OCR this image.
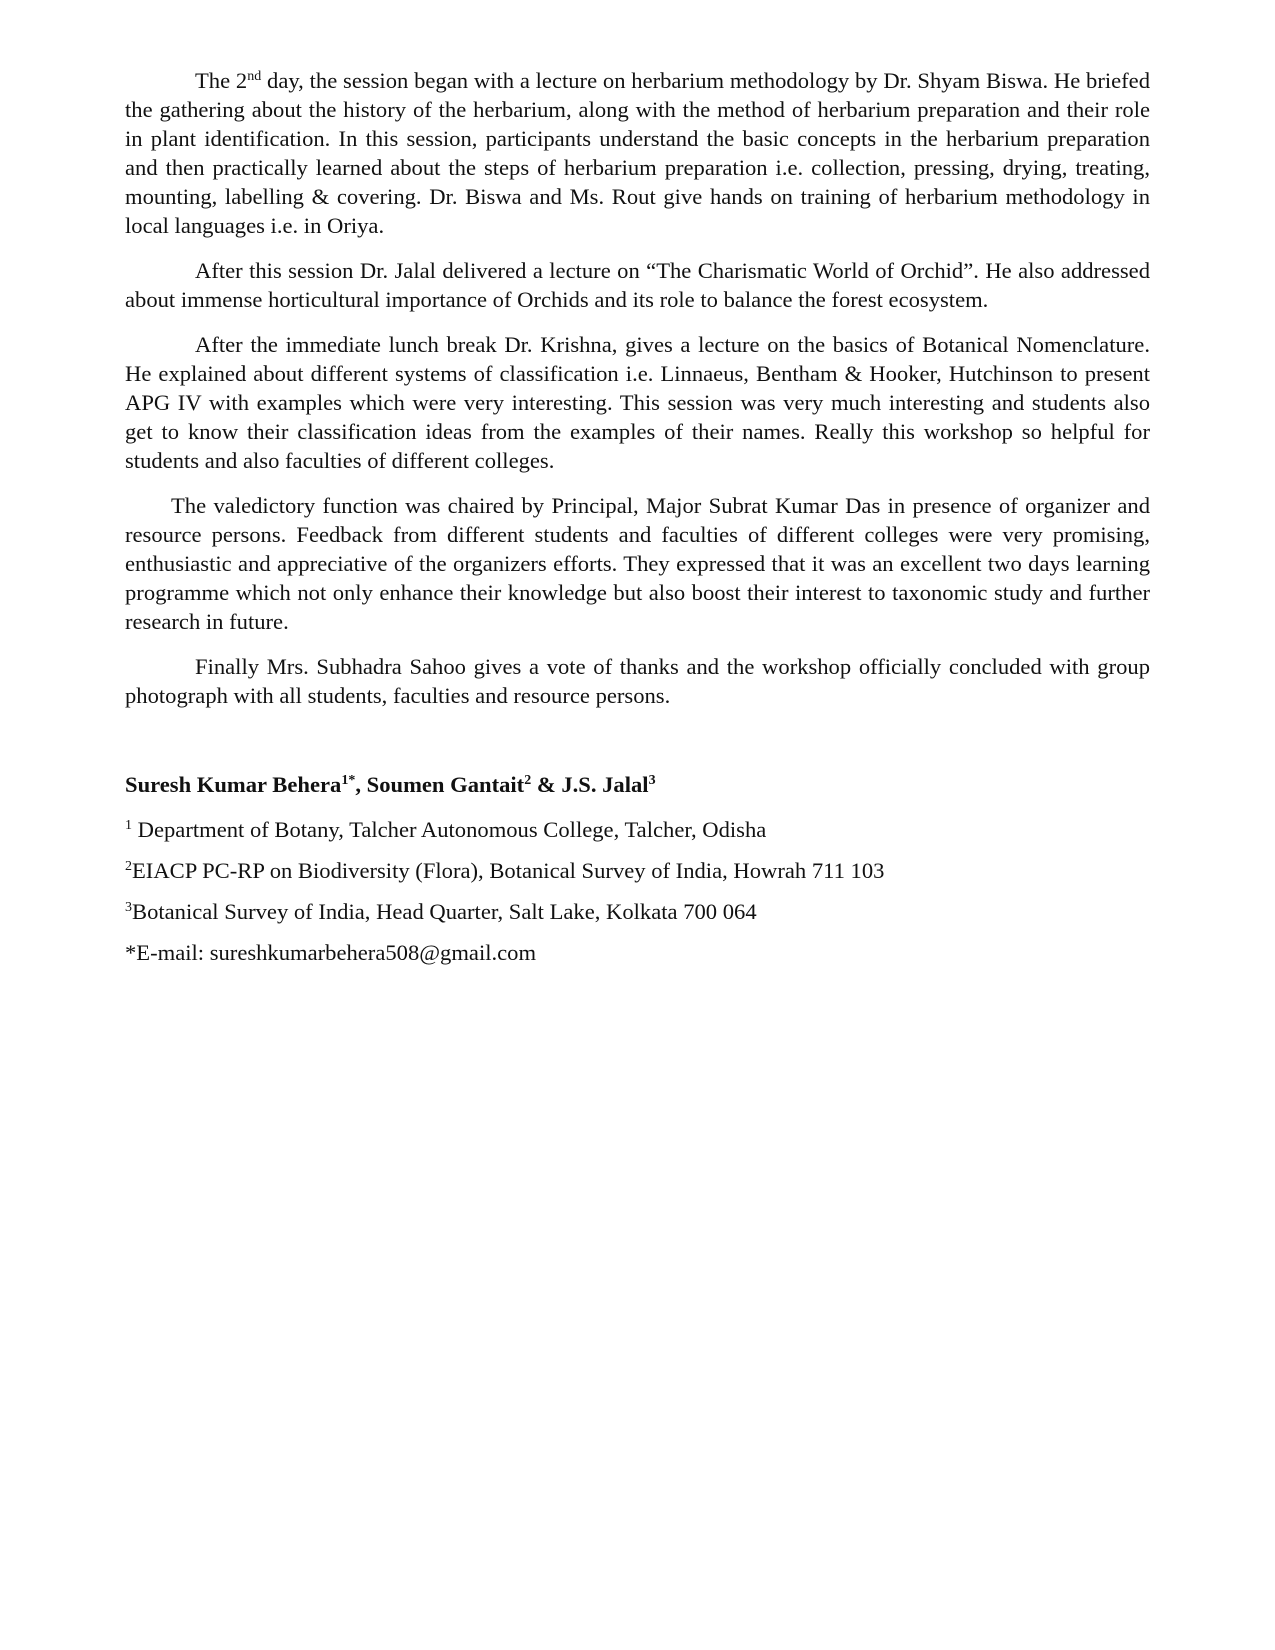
The 2nd day, the session began with a lecture on herbarium methodology by Dr. Shyam Biswa. He briefed the gathering about the history of the herbarium, along with the method of herbarium preparation and their role in plant identification. In this session, participants understand the basic concepts in the herbarium preparation and then practically learned about the steps of herbarium preparation i.e. collection, pressing, drying, treating, mounting, labelling & covering. Dr. Biswa and Ms. Rout give hands on training of herbarium methodology in local languages i.e. in Oriya.

After this session Dr. Jalal delivered a lecture on “The Charismatic World of Orchid”. He also addressed about immense horticultural importance of Orchids and its role to balance the forest ecosystem.

After the immediate lunch break Dr. Krishna, gives a lecture on the basics of Botanical Nomenclature. He explained about different systems of classification i.e. Linnaeus, Bentham & Hooker, Hutchinson to present APG IV with examples which were very interesting. This session was very much interesting and students also get to know their classification ideas from the examples of their names. Really this workshop so helpful for students and also faculties of different colleges.

The valedictory function was chaired by Principal, Major Subrat Kumar Das in presence of organizer and resource persons. Feedback from different students and faculties of different colleges were very promising, enthusiastic and appreciative of the organizers efforts. They expressed that it was an excellent two days learning programme which not only enhance their knowledge but also boost their interest to taxonomic study and further research in future.

Finally Mrs. Subhadra Sahoo gives a vote of thanks and the workshop officially concluded with group photograph with all students, faculties and resource persons.

Suresh Kumar Behera$^{1*}$, Soumen Gantait$^2$ & J.S. Jalal$^3$

$^1$ Department of Botany, Talcher Autonomous College, Talcher, Odisha

$^2$EIACP PC-RP on Biodiversity (Flora), Botanical Survey of India, Howrah 711 103

$^3$Botanical Survey of India, Head Quarter, Salt Lake, Kolkata 700 064

*E-mail: sureshkumarbehera508@gmail.com
